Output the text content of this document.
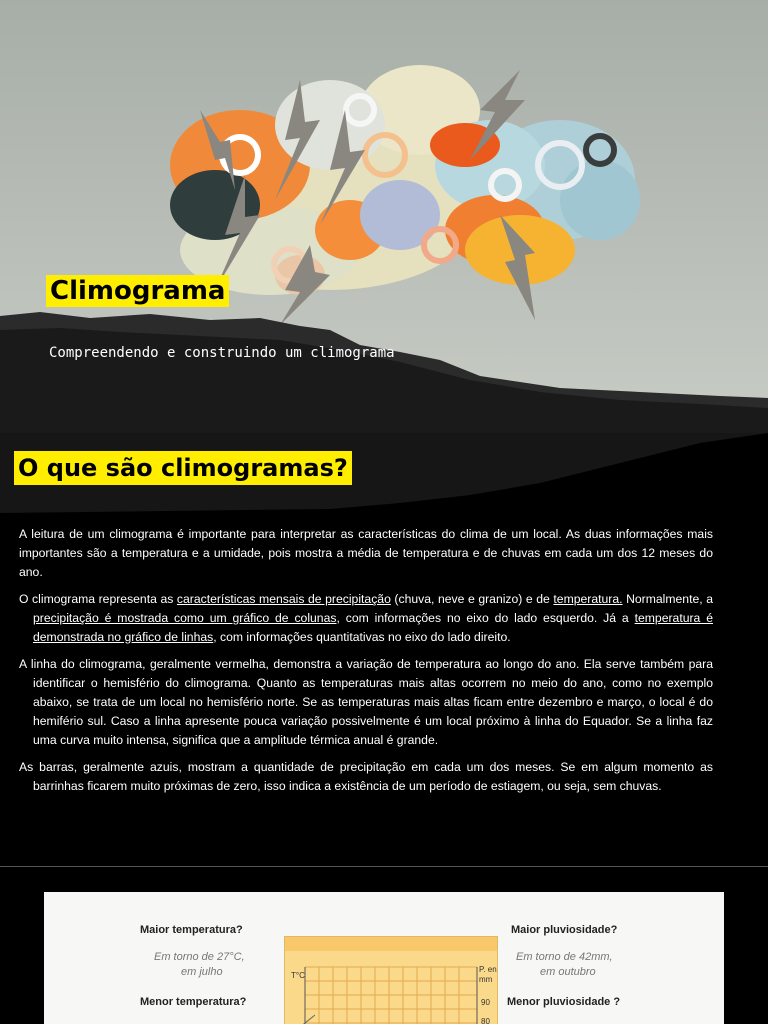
Climograma
Compreendendo e construindo um climograma
O que são climogramas?

A leitura de um climograma é importante para interpretar as características do clima de um local. As duas informações mais importantes são a temperatura e a umidade, pois mostra a média de temperatura e de chuvas em cada um dos 12 meses do ano.

O climograma representa as características mensais de precipitação (chuva, neve e granizo) e de temperatura. Normalmente, a precipitação é mostrada como um gráfico de colunas, com informações no eixo do lado esquerdo. Já a temperatura é demonstrada no gráfico de linhas, com informações quantitativas no eixo do lado direito.

A linha do climograma, geralmente vermelha, demonstra a variação de temperatura ao longo do ano. Ela serve também para identificar o hemisfério do climograma. Quanto as temperaturas mais altas ocorrem no meio do ano, como no exemplo abaixo, se trata de um local no hemisfério norte. Se as temperaturas mais altas ficam entre dezembro e março, o local é do hemifério sul. Caso a linha apresente pouca variação possivelmente é um local próximo à linha do Equador. Se a linha faz uma curva muito intensa, significa que a amplitude térmica anual é grande.

As barras, geralmente azuis, mostram a quantidade de precipitação em cada um dos meses. Se em algum momento as barrinhas ficarem muito próximas de zero, isso indica a existência de um período de estiagem, ou seja, sem chuvas.

Maior temperatura?
Em torno de 27°C,
em julho
Menor temperatura?
T°C
P. en
mm
90
80
Maior pluviosidade?
Em torno de 42mm,
em outubro
Menor pluviosidade ?
